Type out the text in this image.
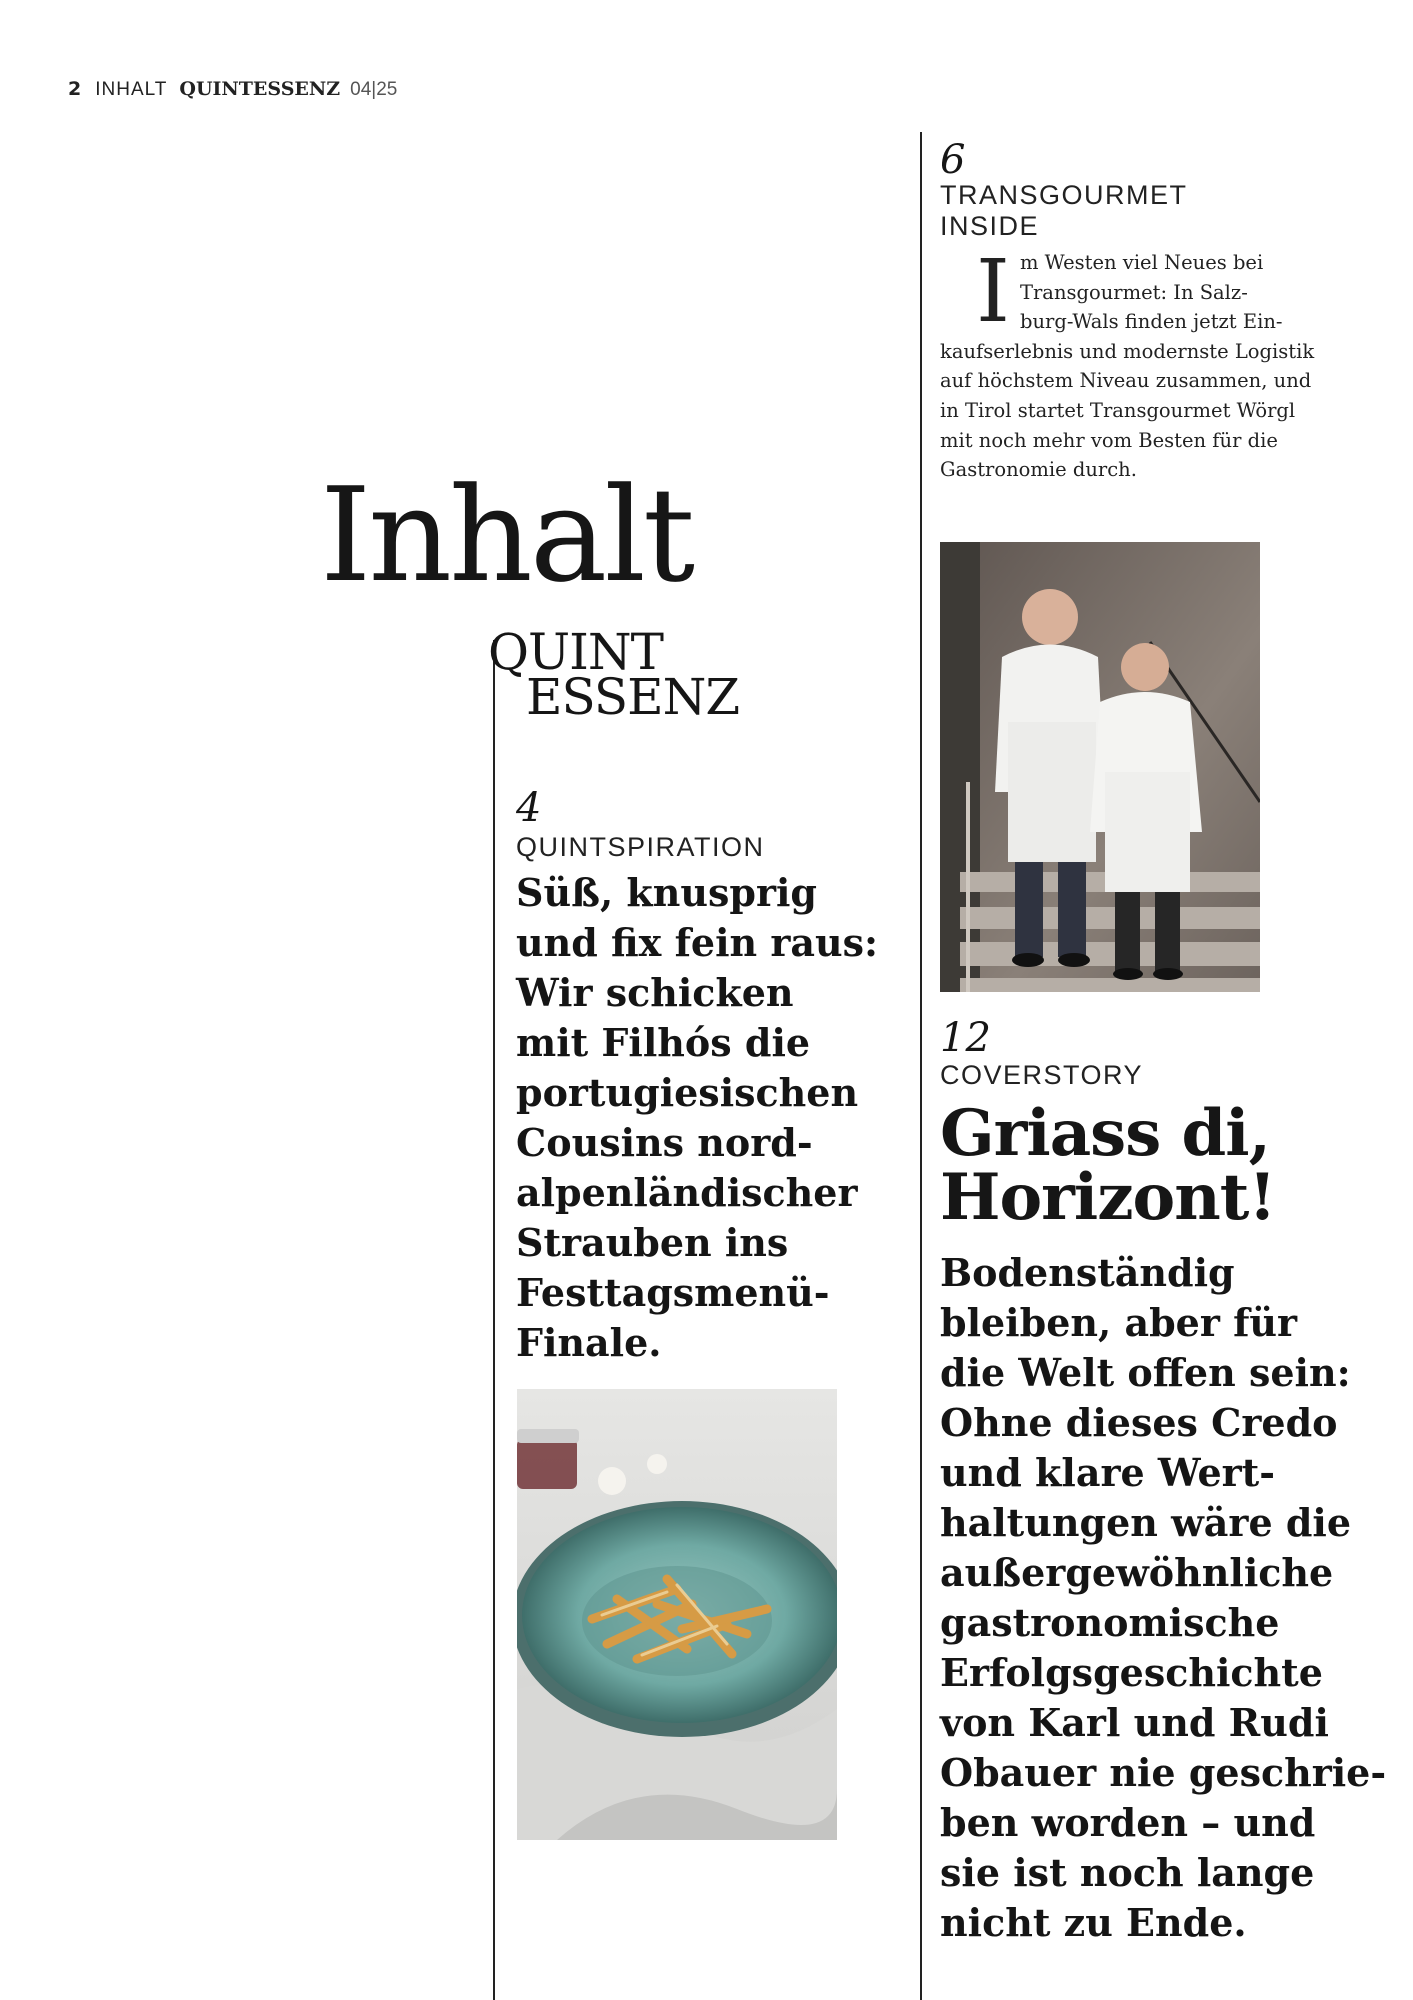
2 INHALT QUINTESSENZ 04|25
Inhalt
QUINT
ESSENZ
4
QUINTSPIRATION
Süß, knusprig
und fix fein raus:
Wir schicken
mit Filhós die
portugiesischen
Cousins nord-
alpenländischer
Strauben ins
Festtagsmenü-
Finale.
6
TRANSGOURMET
INSIDE
I m Westen viel Neues bei
Transgourmet: In Salz-
burg-Wals finden jetzt Ein-
kaufserlebnis und modernste Logistik
auf höchstem Niveau zusammen, und
in Tirol startet Transgourmet Wörgl
mit noch mehr vom Besten für die
Gastronomie durch.
12
COVERSTORY
Griass di,
Horizont!
Bodenständig
bleiben, aber für
die Welt offen sein:
Ohne dieses Credo
und klare Wert-
haltungen wäre die
außergewöhnliche
gastronomische
Erfolgsgeschichte
von Karl und Rudi
Obauer nie geschrie-
ben worden – und
sie ist noch lange
nicht zu Ende.
